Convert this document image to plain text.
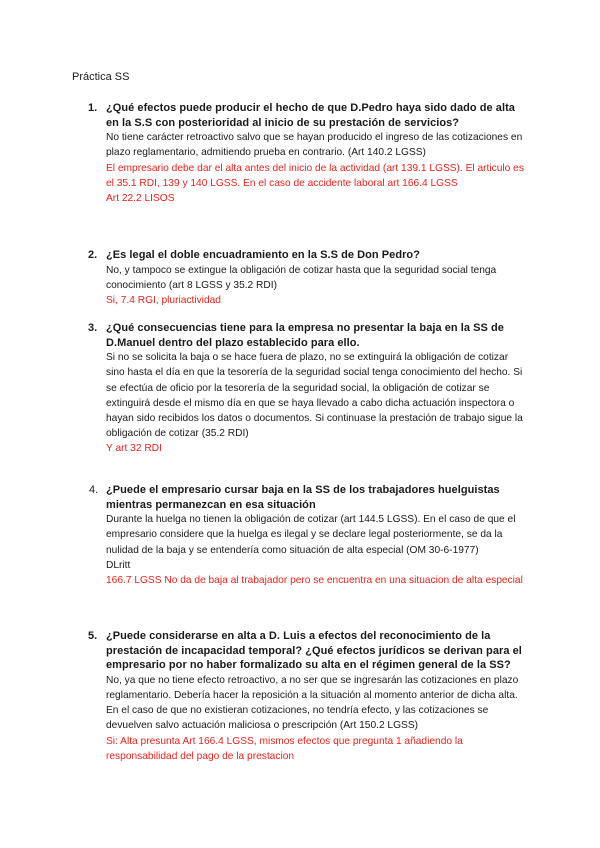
Práctica SS
1. ¿Qué efectos puede producir el hecho de que D.Pedro haya sido dado de alta en la S.S con posterioridad al inicio de su prestación de servicios?
No tiene carácter retroactivo salvo que se hayan producido el ingreso de las cotizaciones en plazo reglamentario, admitiendo prueba en contrario. (Art 140.2 LGSS)
El empresario debe dar el alta antes del inicio de la actividad (art 139.1 LGSS). El articulo es el 35.1 RDI, 139 y 140 LGSS. En el caso de accidente laboral art 166.4 LGSS
Art 22.2 LISOS
2. ¿Es legal el doble encuadramiento en la S.S de Don Pedro?
No, y tampoco se extingue la obligación de cotizar hasta que la seguridad social tenga conocimiento (art 8 LGSS y 35.2 RDI)
Si, 7.4 RGI, pluriactividad
3. ¿Qué consecuencias tiene para la empresa no presentar la baja en la SS de D.Manuel dentro del plazo establecido para ello.
Si no se solicita la baja o se hace fuera de plazo, no se extinguirá la obligación de cotizar sino hasta el día en que la tesorería de la seguridad social tenga conocimiento del hecho. Si se efectúa de oficio por la tesorería de la seguridad social, la obligación de cotizar se extinguirá desde el mismo día en que se haya llevado a cabo dicha actuación inspectora o hayan sido recibidos los datos o documentos. Si continuase la prestación de trabajo sigue la obligación de cotizar (35.2 RDI)
Y art 32 RDI
4. ¿Puede el empresario cursar baja en la SS de los trabajadores huelguistas mientras permanezcan en esa situación
Durante la huelga no tienen la obligación de cotizar (art 144.5 LGSS). En el caso de que el empresario considere que la huelga es ilegal y se declare legal posteriormente, se da la nulidad de la baja y se entendería como situación de alta especial (OM 30-6-1977)
DLritt
166.7 LGSS No da de baja al trabajador pero se encuentra en una situacion de alta especial
5. ¿Puede considerarse en alta a D. Luis a efectos del reconocimiento de la prestación de incapacidad temporal? ¿Qué efectos jurídicos se derivan para el empresario por no haber formalizado su alta en el régimen general de la SS?
No, ya que no tiene efecto retroactivo, a no ser que se ingresarán las cotizaciones en plazo reglamentario. Debería hacer la reposición a la situación al momento anterior de dicha alta. En el caso de que no existieran cotizaciones, no tendría efecto, y las cotizaciones se devuelven salvo actuación maliciosa o prescripción (Art 150.2 LGSS)
Si: Alta presunta Art 166.4 LGSS, mismos efectos que pregunta 1 añadiendo la responsabilidad del pago de la prestacion
